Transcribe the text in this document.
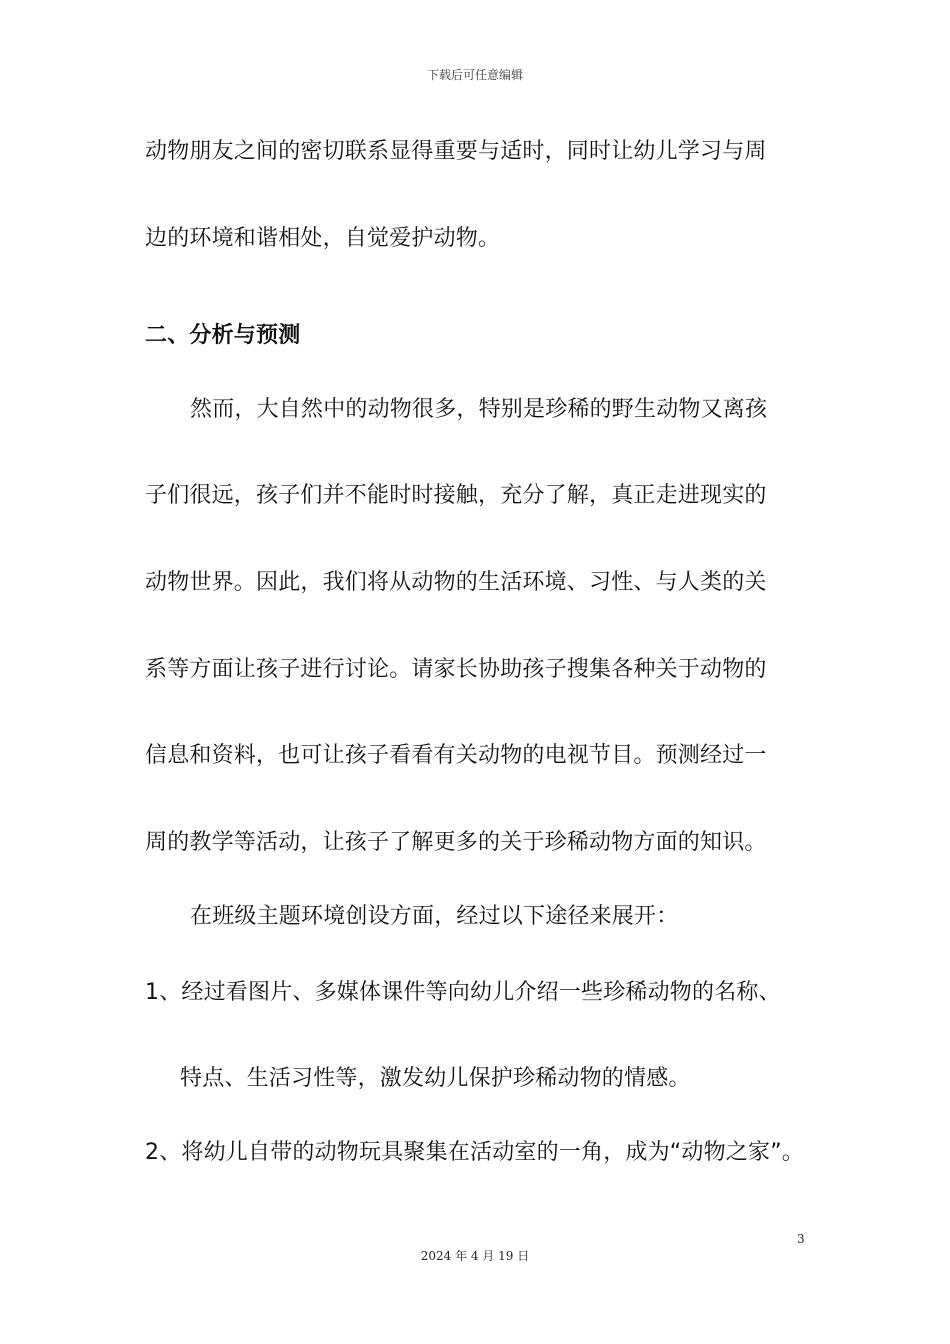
下载后可任意编辑
动物朋友之间的密切联系显得重要与适时，同时让幼儿学习与周
边的环境和谐相处，自觉爱护动物。
二、分析与预测
然而，大自然中的动物很多，特别是珍稀的野生动物又离孩
子们很远，孩子们并不能时时接触，充分了解，真正走进现实的
动物世界。因此，我们将从动物的生活环境、习性、与人类的关
系等方面让孩子进行讨论。请家长协助孩子搜集各种关于动物的
信息和资料，也可让孩子看看有关动物的电视节目。预测经过一
周的教学等活动，让孩子了解更多的关于珍稀动物方面的知识。
在班级主题环境创设方面，经过以下途径来展开：
1、经过看图片、多媒体课件等向幼儿介绍一些珍稀动物的名称、
特点、生活习性等，激发幼儿保护珍稀动物的情感。
2、将幼儿自带的动物玩具聚集在活动室的一角，成为“动物之家”。
3
2024 年 4 月 19 日
